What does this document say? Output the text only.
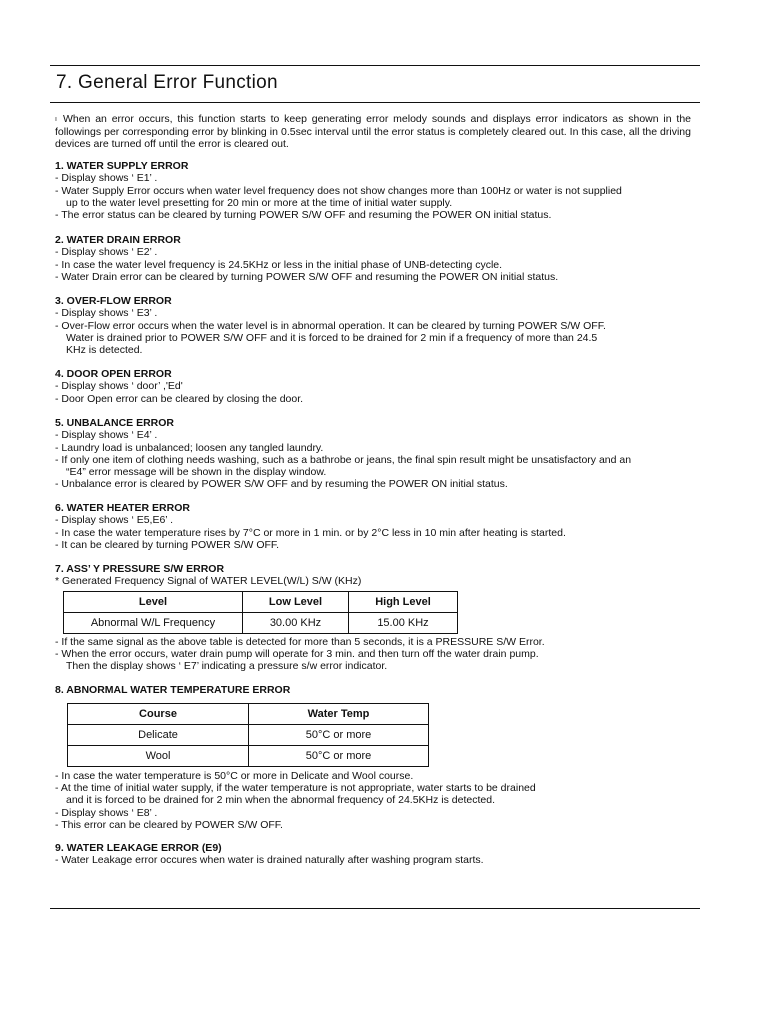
7. General Error Function
ı When an error occurs, this function starts to keep generating error melody sounds and displays error indicators as shown in the followings per corresponding error by blinking in 0.5sec interval until the error status is completely cleared out. In this case, all the driving devices are turned off until the error is cleared out.
1. WATER SUPPLY ERROR

- Display shows ‘ E1’ .

- Water Supply Error occurs when water level frequency does not show changes more than 100Hz or water is not supplied

up to the water level presetting for 20 min or more at the time of initial water supply.

- The error status can be cleared by turning POWER S/W OFF and resuming the POWER ON initial status.

2. WATER DRAIN ERROR

- Display shows ‘ E2’ .

- In case the water level frequency is 24.5KHz or less in the initial phase of UNB-detecting cycle.

- Water Drain error can be cleared by turning POWER S/W OFF and resuming the POWER ON initial status.

3. OVER-FLOW ERROR

- Display shows ‘ E3’ .

- Over-Flow error occurs when the water level is in abnormal operation. It can be cleared by turning POWER S/W OFF.

Water is drained prior to POWER S/W OFF and it is forced to be drained for 2 min if a frequency of more than 24.5

KHz is detected.

4. DOOR OPEN ERROR

- Display shows ‘ door’ ,'Ed'

- Door Open error can be cleared by closing the door.

5. UNBALANCE ERROR

- Display shows ‘ E4’ .

- Laundry load is unbalanced; loosen any tangled laundry.

- If only one item of clothing needs washing, such as a bathrobe or jeans, the final spin result might be unsatisfactory and an

“E4” error message will be shown in the display window.

- Unbalance error is cleared by POWER S/W OFF and by resuming the POWER ON initial status.

6. WATER HEATER ERROR

- Display shows ‘ E5,E6’ .

- In case the water temperature rises by 7°C or more in 1 min. or by 2°C less in 10 min after heating is started.

- It can be cleared by turning POWER S/W OFF.

7. ASS’ Y PRESSURE S/W ERROR

* Generated Frequency Signal of WATER LEVEL(W/L) S/W (KHz)

Level	Low Level	High Level
Abnormal W/L Frequency	30.00 KHz	15.00 KHz

- If the same signal as the above table is detected for more than 5 seconds, it is a PRESSURE S/W Error.

- When the error occurs, water drain pump will operate for 3 min. and then turn off the water drain pump.

Then the display shows ‘ E7’ indicating a pressure s/w error indicator.

8. ABNORMAL WATER TEMPERATURE ERROR
Course	Water Temp
Delicate	50°C or more
Wool	50°C or more

- In case the water temperature is 50°C or more in Delicate and Wool course.

- At the time of initial water supply, if the water temperature is not appropriate, water starts to be drained

and it is forced to be drained for 2 min when the abnormal frequency of 24.5KHz is detected.

- Display shows ‘ E8’ .

- This error can be cleared by POWER S/W OFF.

9. WATER LEAKAGE ERROR (E9)

- Water Leakage error occures when water is drained naturally after washing program starts.
